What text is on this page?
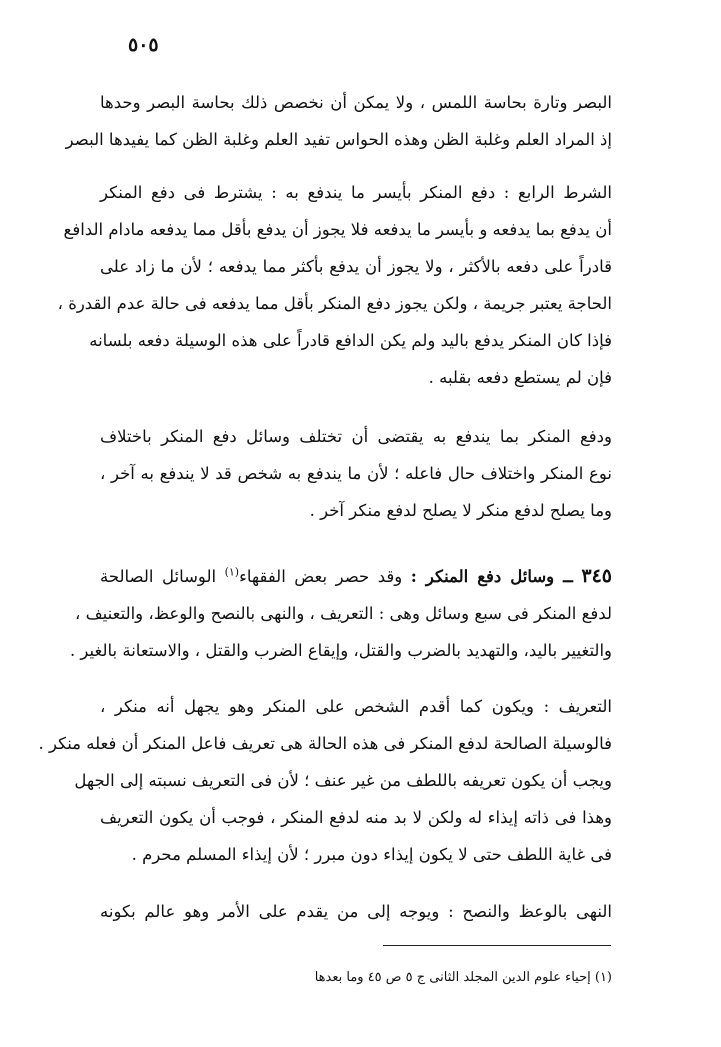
٥٠٥
البصر وتارة بحاسة اللمس ، ولا يمكن أن نخصص ذلك بحاسة البصر وحدها
إذ المراد العلم وغلبة الظن وهذه الحواس تفيد العلم وغلبة الظن كما يفيدها البصر
الشرط الرابع : دفع المنكر بأيسر ما يندفع به : يشترط فى دفع المنكر
أن يدفع بما يدفعه و بأيسر ما يدفعه فلا يجوز أن يدفع بأقل مما يدفعه مادام الدافع
قادراً على دفعه بالأكثر ، ولا يجوز أن يدفع بأكثر مما يدفعه ؛ لأن ما زاد على
الحاجة يعتبر جريمة ، ولكن يجوز دفع المنكر بأقل مما يدفعه فى حالة عدم القدرة ،
فإذا كان المنكر يدفع باليد ولم يكن الدافع قادراً على هذه الوسيلة دفعه بلسانه
فإن لم يستطع دفعه بقلبه .
ودفع المنكر بما يندفع به يقتضى أن تختلف وسائل دفع المنكر باختلاف
نوع المنكر واختلاف حال فاعله ؛ لأن ما يندفع به شخص قد لا يندفع به آخر ،
وما يصلح لدفع منكر لا يصلح لدفع منكر آخر .
٣٤٥ ــ وسائل دفع المنكر : وقد حصر بعض الفقهاء$^{(١)}$ الوسائل الصالحة
لدفع المنكر فى سبع وسائل وهى : التعريف ، والنهى بالنصح والوعظ، والتعنيف ،
والتغيير باليد، والتهديد بالضرب والقتل، وإيقاع الضرب والقتل ، والاستعانة بالغير .
التعريف : ويكون كما أقدم الشخص على المنكر وهو يجهل أنه منكر ،
فالوسيلة الصالحة لدفع المنكر فى هذه الحالة هى تعريف فاعل المنكر أن فعله منكر .
ويجب أن يكون تعريفه باللطف من غير عنف ؛ لأن فى التعريف نسبته إلى الجهل
وهذا فى ذاته إيذاء له ولكن لا بد منه لدفع المنكر ، فوجب أن يكون التعريف
فى غاية اللطف حتى لا يكون إيذاء دون مبرر ؛ لأن إيذاء المسلم محرم .
النهى بالوعظ والنصح : ويوجه إلى من يقدم على الأمر وهو عالم بكونه
(١) إحياء علوم الدين المجلد الثانى ج ٥ ص ٤٥ وما بعدها
